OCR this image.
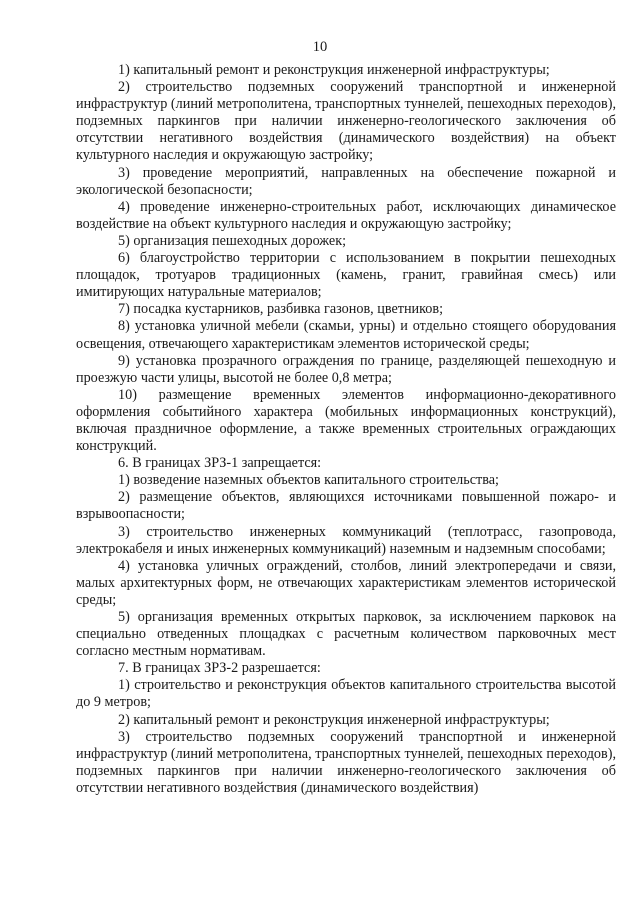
10

1) капитальный ремонт и реконструкция инженерной инфраструктуры;

2) строительство подземных сооружений транспортной и инженерной инфраструктур (линий метрополитена, транспортных туннелей, пешеходных переходов), подземных паркингов при наличии инженерно-геологического заключения об отсутствии негативного воздействия (динамического воздействия) на объект культурного наследия и окружающую застройку;

3) проведение мероприятий, направленных на обеспечение пожарной и экологической безопасности;

4) проведение инженерно-строительных работ, исключающих динамическое воздействие на объект культурного наследия и окружающую застройку;

5) организация пешеходных дорожек;

6) благоустройство территории с использованием в покрытии пешеходных площадок, тротуаров традиционных (камень, гранит, гравийная смесь) или имитирующих натуральные материалов;

7) посадка кустарников, разбивка газонов, цветников;

8) установка уличной мебели (скамьи, урны) и отдельно стоящего оборудования освещения, отвечающего характеристикам элементов исторической среды;

9) установка прозрачного ограждения по границе, разделяющей пешеходную и проезжую части улицы, высотой не более 0,8 метра;

10) размещение временных элементов информационно-декоративного оформления событийного характера (мобильных информационных конструкций), включая праздничное оформление, а также временных строительных ограждающих конструкций.

6. В границах ЗРЗ-1 запрещается:

1) возведение наземных объектов капитального строительства;

2) размещение объектов, являющихся источниками повышенной пожаро- и взрывоопасности;

3) строительство инженерных коммуникаций (теплотрасс, газопровода, электрокабеля и иных инженерных коммуникаций) наземным и надземным способами;

4) установка уличных ограждений, столбов, линий электропередачи и связи, малых архитектурных форм, не отвечающих характеристикам элементов исторической среды;

5) организация временных открытых парковок, за исключением парковок на специально отведенных площадках с расчетным количеством парковочных мест согласно местным нормативам.

7. В границах ЗРЗ-2 разрешается:

1) строительство и реконструкция объектов капитального строительства высотой до 9 метров;

2) капитальный ремонт и реконструкция инженерной инфраструктуры;

3) строительство подземных сооружений транспортной и инженерной инфраструктур (линий метрополитена, транспортных туннелей, пешеходных переходов), подземных паркингов при наличии инженерно-геологического заключения об отсутствии негативного воздействия (динамического воздействия)
